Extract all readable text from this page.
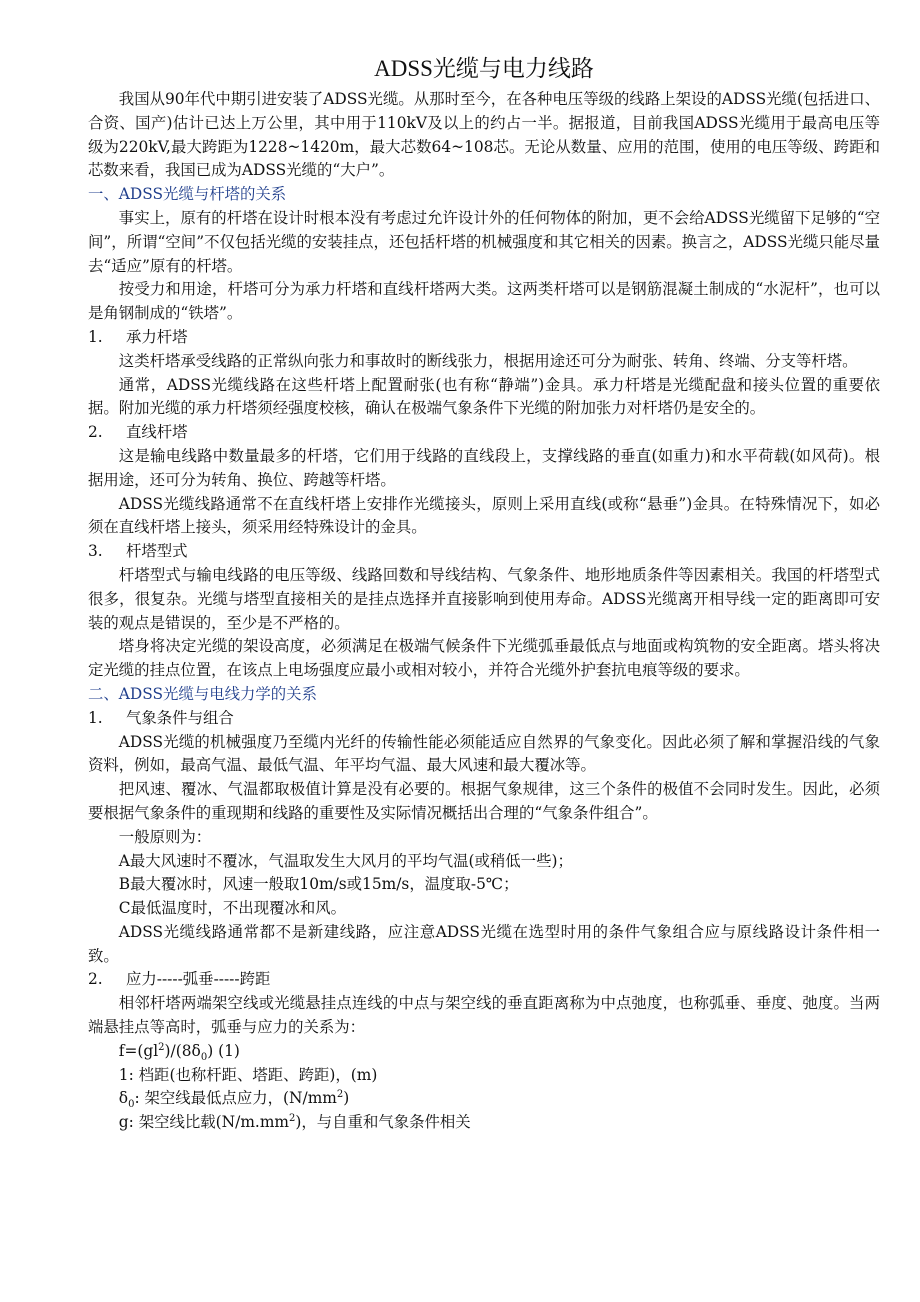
ADSS光缆与电力线路

我国从90年代中期引进安装了ADSS光缆。从那时至今，在各种电压等级的线路上架设的ADSS光缆(包括进口、合资、国产)估计已达上万公里，其中用于110kV及以上的约占一半。据报道，目前我国ADSS光缆用于最高电压等级为220kV,最大跨距为1228~1420m，最大芯数64~108芯。无论从数量、应用的范围，使用的电压等级、跨距和芯数来看，我国已成为ADSS光缆的“大户”。

一、ADSS光缆与杆塔的关系

事实上，原有的杆塔在设计时根本没有考虑过允许设计外的任何物体的附加，更不会给ADSS光缆留下足够的“空间”，所谓“空间”不仅包括光缆的安装挂点，还包括杆塔的机械强度和其它相关的因素。换言之，ADSS光缆只能尽量去“适应”原有的杆塔。

按受力和用途，杆塔可分为承力杆塔和直线杆塔两大类。这两类杆塔可以是钢筋混凝土制成的“水泥杆”，也可以是角钢制成的“铁塔”。

1. 承力杆塔

这类杆塔承受线路的正常纵向张力和事故时的断线张力，根据用途还可分为耐张、转角、终端、分支等杆塔。

通常，ADSS光缆线路在这些杆塔上配置耐张(也有称“静端”)金具。承力杆塔是光缆配盘和接头位置的重要依据。附加光缆的承力杆塔须经强度校核，确认在极端气象条件下光缆的附加张力对杆塔仍是安全的。

2. 直线杆塔

这是输电线路中数量最多的杆塔，它们用于线路的直线段上，支撑线路的垂直(如重力)和水平荷载(如风荷)。根据用途，还可分为转角、换位、跨越等杆塔。

ADSS光缆线路通常不在直线杆塔上安排作光缆接头，原则上采用直线(或称“悬垂”)金具。在特殊情况下，如必须在直线杆塔上接头，须采用经特殊设计的金具。

3. 杆塔型式

杆塔型式与输电线路的电压等级、线路回数和导线结构、气象条件、地形地质条件等因素相关。我国的杆塔型式很多，很复杂。光缆与塔型直接相关的是挂点选择并直接影响到使用寿命。ADSS光缆离开相导线一定的距离即可安装的观点是错误的，至少是不严格的。

塔身将决定光缆的架设高度，必须满足在极端气候条件下光缆弧垂最低点与地面或构筑物的安全距离。塔头将决定光缆的挂点位置，在该点上电场强度应最小或相对较小，并符合光缆外护套抗电痕等级的要求。

二、ADSS光缆与电线力学的关系

1. 气象条件与组合

ADSS光缆的机械强度乃至缆内光纤的传输性能必须能适应自然界的气象变化。因此必须了解和掌握沿线的气象资料，例如，最高气温、最低气温、年平均气温、最大风速和最大覆冰等。

把风速、覆冰、气温都取极值计算是没有必要的。根据气象规律，这三个条件的极值不会同时发生。因此，必须要根据气象条件的重现期和线路的重要性及实际情况概括出合理的“气象条件组合”。

一般原则为：

A最大风速时不覆冰，气温取发生大风月的平均气温(或稍低一些)；

B最大覆冰时，风速一般取10m/s或15m/s，温度取-5℃；

C最低温度时，不出现覆冰和风。

ADSS光缆线路通常都不是新建线路，应注意ADSS光缆在选型时用的条件气象组合应与原线路设计条件相一致。

2. 应力-----弧垂-----跨距

相邻杆塔两端架空线或光缆悬挂点连线的中点与架空线的垂直距离称为中点弛度，也称弧垂、垂度、弛度。当两端悬挂点等高时，弧垂与应力的关系为：

$f=(gl^2)/(8\delta_0)$ (1)

1: 档距(也称杆距、塔距、跨距)，(m)

$\delta_0$: 架空线最低点应力，$(N/mm^2)$

g: 架空线比载$(N/m.mm^2)$，与自重和气象条件相关
